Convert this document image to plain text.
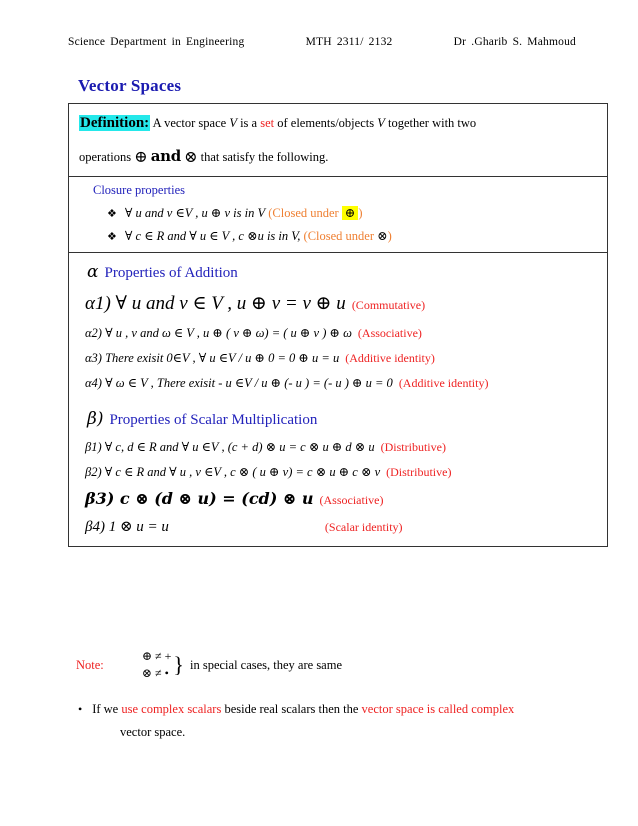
Science Department in Engineering	MTH 2311/ 2132	Dr .Gharib S. Mahmoud
Vector Spaces
Definition: A vector space V is a set of elements/objects V together with two
operations ⊕ and ⊗ that satisfy the following.
Closure properties
❖ ∀ u and v ∈V , u ⊕ v is in V (Closed under ⊕ )
❖ ∀ c ∈ R and ∀ u ∈ V , c ⊗u is in V, (Closed under ⊗)
α Properties of Addition
α1) ∀ u and v ∈ V , u ⊕ v = v ⊕ u (Commutative)
α2) ∀ u , v and ω ∈ V , u ⊕ ( v ⊕ ω) = ( u ⊕ v ) ⊕ ω (Associative)
α3) There exisit 0∈V , ∀ u ∈V / u ⊕ 0 = 0 ⊕ u = u (Additive identity)
α4) ∀ ω ∈ V , There exisit - u ∈V / u ⊕ (- u ) = (- u ) ⊕ u = 0 (Additive identity)
β) Properties of Scalar Multiplication
β1) ∀ c, d ∈ R and ∀ u ∈V , (c + d) ⊗ u = c ⊗ u ⊕ d ⊗ u (Distributive)
β2) ∀ c ∈ R and ∀ u , v ∈V , c ⊗ ( u ⊕ v) = c ⊗ u ⊕ c ⊗ v (Distributive)
β3) c ⊗ (d ⊗ u) = (cd) ⊗ u (Associative)
β4) 1 ⊗ u = u	(Scalar identity)
Note:
⊕ ≠ +
⊗ ≠ • } in special cases, they are same
• If we use complex scalars beside real scalars then the vector space is called complex
vector space.
